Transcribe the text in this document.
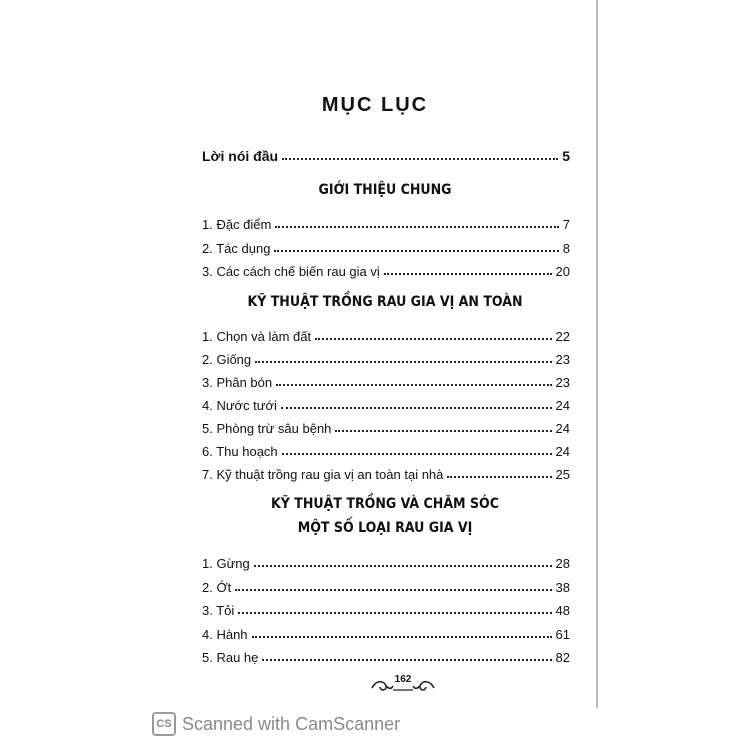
MỤC LỤC
Lời nói đầu	5
GIỚI THIỆU CHUNG
1. Đặc điểm	7
2. Tác dụng	8
3. Các cách chế biến rau gia vị	20
KỸ THUẬT TRỒNG RAU GIA VỊ AN TOÀN
1. Chọn và làm đất	22
2. Giống	23
3. Phân bón	23
4. Nước tưới	24
5. Phòng trừ sâu bệnh	24
6. Thu hoạch	24
7. Kỹ thuật trồng rau gia vị an toàn tại nhà	25
KỸ THUẬT TRỒNG VÀ CHĂM SÓC
MỘT SỐ LOẠI RAU GIA VỊ
1. Gừng	28
2. Ớt	38
3. Tỏi	48
4. Hành	61
5. Rau hẹ	82
162
CS Scanned with CamScanner
